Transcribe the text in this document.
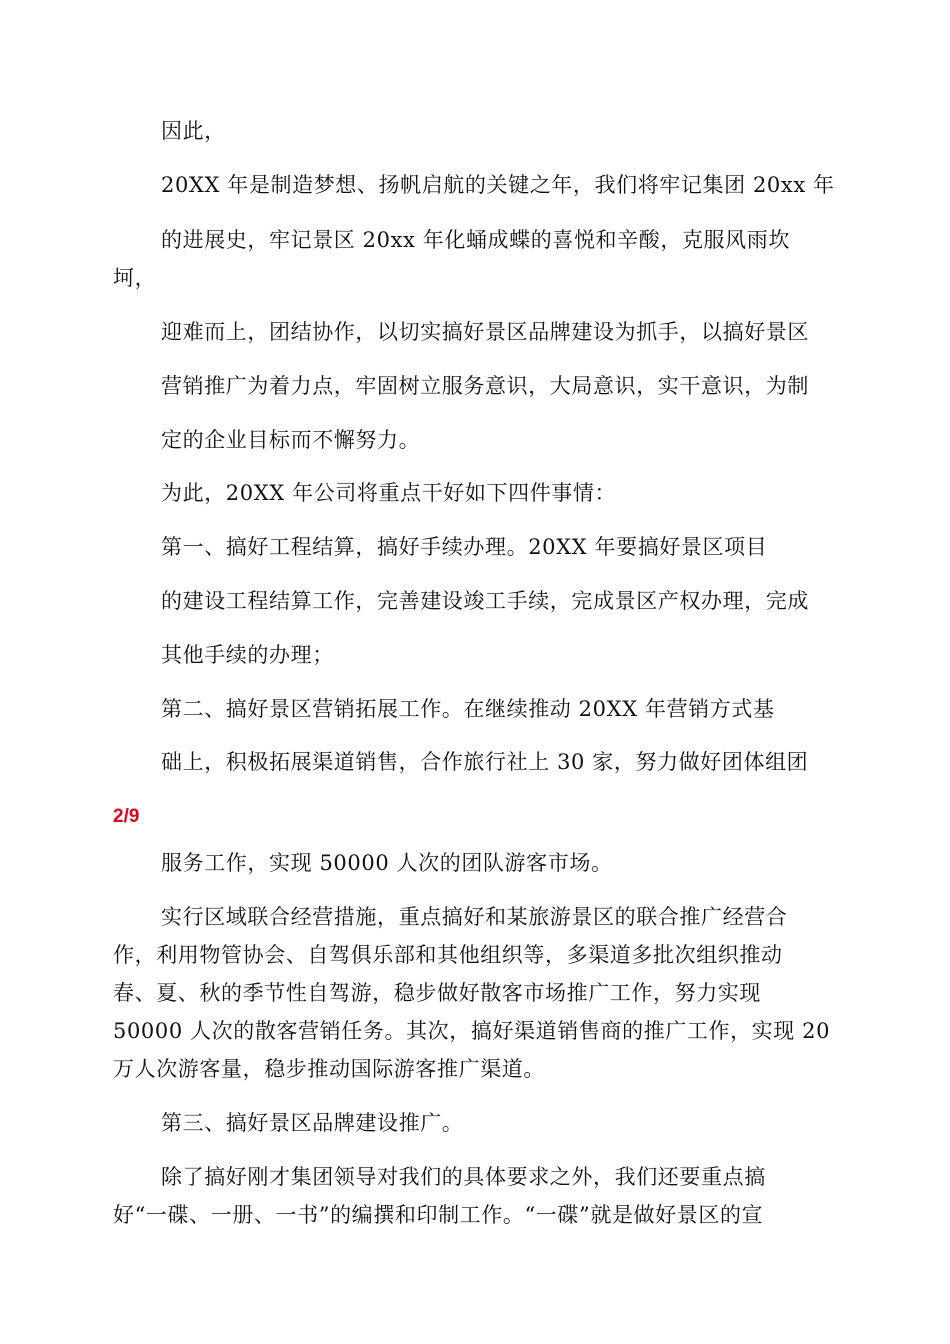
因此，

20XX 年是制造梦想、扬帆启航的关键之年，我们将牢记集团 20xx 年

的进展史，牢记景区 20xx 年化蛹成蝶的喜悦和辛酸，克服风雨坎

坷，

迎难而上，团结协作，以切实搞好景区品牌建设为抓手，以搞好景区

营销推广为着力点，牢固树立服务意识，大局意识，实干意识，为制

定的企业目标而不懈努力。

为此，20XX 年公司将重点干好如下四件事情：

第一、搞好工程结算，搞好手续办理。20XX 年要搞好景区项目

的建设工程结算工作，完善建设竣工手续，完成景区产权办理，完成

其他手续的办理；

第二、搞好景区营销拓展工作。在继续推动 20XX 年营销方式基

础上，积极拓展渠道销售，合作旅行社上 30 家，努力做好团体组团

2/9

服务工作，实现 50000 人次的团队游客市场。

实行区域联合经营措施，重点搞好和某旅游景区的联合推广经营合

作，利用物管协会、自驾俱乐部和其他组织等，多渠道多批次组织推动

春、夏、秋的季节性自驾游，稳步做好散客市场推广工作，努力实现

50000 人次的散客营销任务。其次，搞好渠道销售商的推广工作，实现 20

万人次游客量，稳步推动国际游客推广渠道。

第三、搞好景区品牌建设推广。

除了搞好刚才集团领导对我们的具体要求之外，我们还要重点搞

好“一碟、一册、一书”的编撰和印制工作。“一碟”就是做好景区的宣
